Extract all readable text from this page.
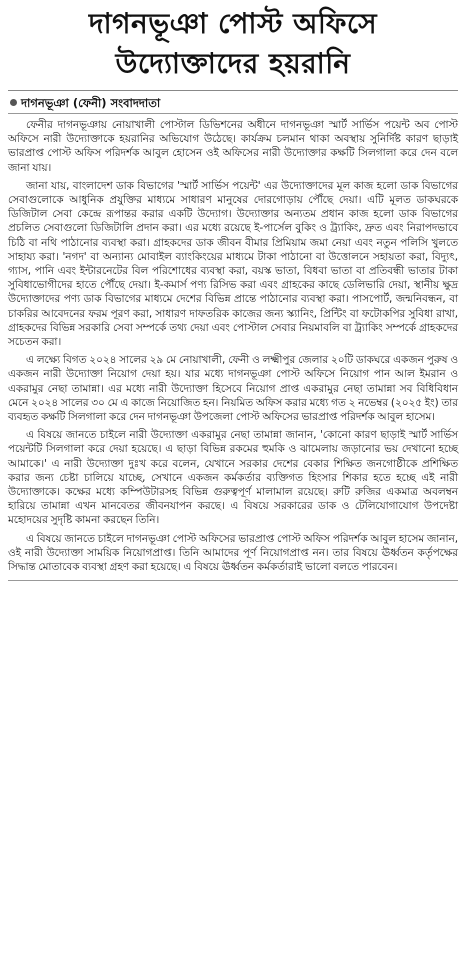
দাগনভূঞা পোস্ট অফিসে
উদ্যোক্তাদের হয়রানি
দাগনভূঞা (ফেনী) সংবাদদাতা

ফেনীর দাগনভূঞায় নোয়াখালী পোস্টাল ডিভিশনের অধীনে দাগনভূঞা স্মার্ট সার্ভিস পয়েন্ট অব পোস্ট অফিসে নারী উদ্যোক্তাকে হয়রানির অভিযোগ উঠেছে। কার্যক্রম চলমান থাকা অবস্থায় সুনির্দিষ্ট কারণ ছাড়াই ভারপ্রাপ্ত পোস্ট অফিস পরিদর্শক আবুল হোসেন ওই অফিসের নারী উদ্যোক্তার কক্ষটি সিলগালা করে দেন বলে জানা যায়।

জানা যায়, বাংলাদেশ ডাক বিভাগের 'স্মার্ট সার্ভিস পয়েন্ট' এর উদ্যোক্তাদের মূল কাজ হলো ডাক বিভাগের সেবাগুলোকে আধুনিক প্রযুক্তির মাধ্যমে সাধারণ মানুষের দোরগোড়ায় পৌঁছে দেয়া। এটি মূলত ডাকঘরকে ডিজিটাল সেবা কেন্দ্রে রূপান্তর করার একটি উদ্যোগ। উদ্যোক্তার অন্যতম প্রধান কাজ হলো ডাক বিভাগের প্রচলিত সেবাগুলো ডিজিটালি প্রদান করা। এর মধ্যে রয়েছে ই-পার্সেল বুকিং ও ট্র্যাকিং, দ্রুত এবং নিরাপদভাবে চিঠি বা নথি পাঠানোর ব্যবস্থা করা। গ্রাহকদের ডাক জীবন বীমার প্রিমিয়াম জমা নেয়া এবং নতুন পলিসি খুলতে সাহায্য করা। 'নগদ' বা অন্যান্য মোবাইল ব্যাংকিংয়ের মাধ্যমে টাকা পাঠানো বা উত্তোলনে সহায়তা করা, বিদ্যুৎ, গ্যাস, পানি এবং ইন্টারনেটের বিল পরিশোধের ব্যবস্থা করা, বয়স্ক ভাতা, বিধবা ভাতা বা প্রতিবন্ধী ভাতার টাকা সুবিধাভোগীদের হাতে পৌঁছে দেয়া। ই-কমার্স পণ্য রিসিভ করা এবং গ্রাহকের কাছে ডেলিভারি দেয়া, স্থানীয় ক্ষুদ্র উদ্যোক্তাদের পণ্য ডাক বিভাগের মাধ্যমে দেশের বিভিন্ন প্রান্তে পাঠানোর ব্যবস্থা করা। পাসপোর্ট, জন্মনিবন্ধন, বা চাকরির আবেদনের ফরম পূরণ করা, সাধারণ দাফতরিক কাজের জন্য স্ক্যানিং, প্রিন্টিং বা ফটোকপির সুবিধা রাখা, গ্রাহকদের বিভিন্ন সরকারি সেবা সম্পর্কে তথ্য দেয়া এবং পোস্টাল সেবার নিয়মাবলি বা ট্র্যাকিং সম্পর্কে গ্রাহকদের সচেতন করা।

এ লক্ষ্যে বিগত ২০২৪ সালের ২৯ মে নোয়াখালী, ফেনী ও লক্ষ্মীপুর জেলার ২০টি ডাকঘরে একজন পুরুষ ও একজন নারী উদ্যোক্তা নিয়োগ দেয়া হয়। যার মধ্যে দাগনভূঞা পোস্ট অফিসে নিয়োগ পান আল ইমরান ও একরামুর নেছা তামান্না। এর মধ্যে নারী উদ্যোক্তা হিসেবে নিয়োগ প্রাপ্ত একরামুর নেছা তামান্না সব বিধিবিধান মেনে ২০২৪ সালের ৩০ মে এ কাজে নিয়োজিত হন। নিয়মিত অফিস করার মধ্যে গত ২ নভেম্বর (২০২৫ ইং) তার ব্যবহৃত কক্ষটি সিলগালা করে দেন দাগনভূঞা উপজেলা পোস্ট অফিসের ভারপ্রাপ্ত পরিদর্শক আবুল হাসেম।

এ বিষয়ে জানতে চাইলে নারী উদ্যোক্তা একরামুর নেছা তামান্না জানান, 'কোনো কারণ ছাড়াই স্মার্ট সার্ভিস পয়েন্টটি সিলগালা করে দেয়া হয়েছে। এ ছাড়া বিভিন্ন রকমের হুমকি ও ঝামেলায় জড়ানোর ভয় দেখানো হচ্ছে আমাকে।' এ নারী উদ্যোক্তা দুঃখ করে বলেন, যেখানে সরকার দেশের বেকার শিক্ষিত জনগোষ্ঠীকে প্রশিক্ষিত করার জন্য চেষ্টা চালিয়ে যাচ্ছে, সেখানে একজন কর্মকর্তার ব্যক্তিগত হিংসার শিকার হতে হচ্ছে এই নারী উদ্যোক্তাকে। কক্ষের মধ্যে কম্পিউটারসহ বিভিন্ন গুরুত্বপূর্ণ মালামাল রয়েছে। রুটি রুজির একমাত্র অবলম্বন হারিয়ে তামান্না এখন মানবেতর জীবনযাপন করছে। এ বিষয়ে সরকারের ডাক ও টেলিযোগাযোগ উপদেষ্টা মহোদয়ের সুদৃষ্টি কামনা করছেন তিনি।

এ বিষয়ে জানতে চাইলে দাগনভূঞা পোস্ট অফিসের ভারপ্রাপ্ত পোস্ট অফিস পরিদর্শক আবুল হাসেম জানান, ওই নারী উদ্যোক্তা সাময়িক নিয়োগপ্রাপ্ত। তিনি আমাদের পূর্ণ নিয়োগপ্রাপ্ত নন। তার বিষয়ে ঊর্ধ্বতন কর্তৃপক্ষের সিদ্ধান্ত মোতাবেক ব্যবস্থা গ্রহণ করা হয়েছে। এ বিষয়ে ঊর্ধ্বতন কর্মকর্তারাই ভালো বলতে পারবেন।
